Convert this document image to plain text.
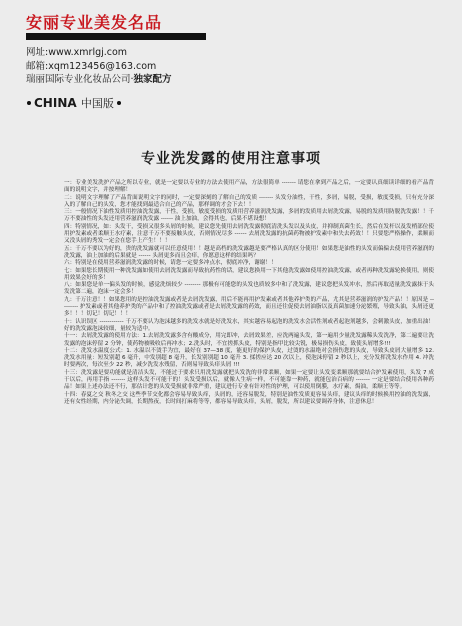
安丽专业美发名品
网址:www.xmrlgj.com
邮箱:xqm123456@163.com
瑞丽国际专业化妆品公司·独家配方
CHINA 中国版
专业洗发露的使用注意事项

一：专业美发洗护产品之所以专业，就是一定要以专业的方法去使用产品，方法很简单 ------- 请您在拿到产品之后，一定要认真细读详细的看产品背面的说明文字，并按理解！

二：说明文字理解了产品背面说明文字的同时，一定要深刻的了解自己的发质 ------- 头发分油性，干性，多屑，易脱，受损，敏度受损，只有充分深入的了解自己的头发，您才能找到最适合自己的产品，那样调的才会下去！！

三：一般情况下油性发质用控油洗发露，干性，受损，敏度受损的发质用营养滋润洗发露，多屑的发质用去屑洗发露，易脱的发质用防脱洗发露！！千万不要油性的头发还用营养滋润洗发露 ------ 油上加油，会得其也，后果不堪设想！

四：特别情况，如：头发干，受损又很多头屑的时候，建议您先使用去屑洗发露彻底清洗头发以及头皮，并抑制真菌生长，然后在发杆以及发梢部位使用护发素或者柔顺王水疗素，注意千万不要接触头皮，否则情况尽多 ------ 去屑洗发露的抗菌药物被护发素中和失去药效！！只要您严格操作，柔顺而又没头屑的秀发一定会在您手上产生！！！

五：千万不要以为好的，贵的洗发露就可以任意使用！！越是高档的洗发露越是要严格认真的区分使用！如果您是油性的头发而偏偏去使用营养滋润的洗发露，油上加油的后果就是 ------ 头屑更多而且会痒，你愿意这样的结果吗？

六：特别是在使用营养滋润洗发露的时候，请您一定要多冲点水，彻底冲净，谢谢！！

七：如果您长期使用一种洗发露如使用去屑洗发露而导致抗药性的话，建议您换用一下其他洗发露如使用控油洗发露，或者再种洗发露轮换使用，则使用效果会好的多！

八：如果您是单一偏头发的时候，感觉洗烦较少 -------- 那极有可能您的头发也质较多中和了洗发露，建议您把头发冲水，然后再取适量洗发露抹于头发洗第二遍，泡沫一定会多！

九：千万注意！！如果您用的是控油洗发露或者是去屑洗发露，用后不能再用护发素或者其他养护类的产品，尤其是营养滋润的护发产品！！原因是 --------- 护发素或者其他养护类的产品中和了控油洗发露或者是去屑洗发露的药效，而且还往促使去屑油脂以及真菌加速分泌繁殖，导致头油，头屑还更多！！！切记！切记！！！

十：认识误区 ------------ 千万不要认为泡沫越多的洗发水就是好洗发水，其实越容易起泡的洗发水会活性剂或者起泡剂越多，会刺激头皮，加重出油！好的洗发露泡沫较细，量较为适中。

十一：去屑洗发露的使用方法：1.去屑洗发露多含有酸成分，用完即冲，去屑效果差，应洗两遍头发，第一遍用少量洗发露稀头发洗净，第二遍要让洗发露的泡沫停留 2 分钟，使药物被吸收后再冲水；2.洗头时，不宜搓抓头皮，特别是指甲比较尖锐，极易损伤头皮，致使头屑增多!!!

十二：洗发水温度公式：1. 水温以不烫手为宜，最好在 37—38 度，能更好的保护头皮，过烫的水温绝对会损伤您的头皮，导致头皮屑大量增多 12. 洗发水用量：短发别超 6 毫升，中发别超 8 毫升，长发别别超 10 毫升 3. 揉搓应达 20 次以上，使泡沫停留 2 秒以上，充分发挥洗发水作用 4. 冲洗时要两次，每次至少 22 秒，减少洗发水残留，否则易导致头痒头屑 !!!

十三：洗发露是要功能就是清洁头发，不能过于要求只用洗发露就把头发洗的非常柔顺，如果一定要让头发变柔顺那就要结合护发素使用，头发 7 成干以后，再用手指 ------- 这样头发不可能干的！头发受损以后，就像人生病一样，不可能靠一种药，就能包治百病的 ------- 一定是要结合使用各种药品！如果上述办法还不行，那估计您的头发受损就非常严重，建议进行专业有针对性的护理，可以使用倒膜，水疗素，焗油，柔顺王等等。

十四：春夏之交 秋冬之交 这些季节交化都会容易导致头痒，头屑的，还容易脱发，特别是油性发质更容易头痒，建议头痒的时候换用控油的洗发露，还有女性经期，内分泌失调，长期熬夜，长时间打麻将等等，都容易导致头痒，头屑，脱发，所以建议要调养身体，注意休息！
